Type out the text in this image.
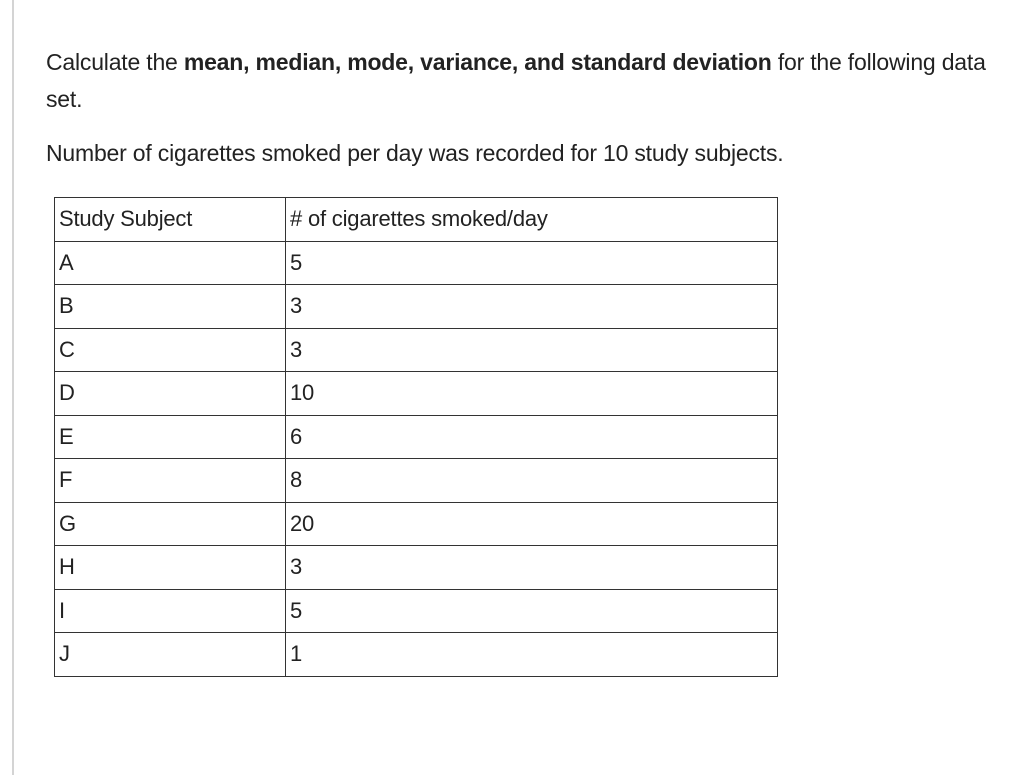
Calculate the mean, median, mode, variance, and standard deviation for the following data set.

Number of cigarettes smoked per day was recorded for 10 study subjects.

Study Subject	# of cigarettes smoked/day
A	5
B	3
C	3
D	10
E	6
F	8
G	20
H	3
I	5
J	1
